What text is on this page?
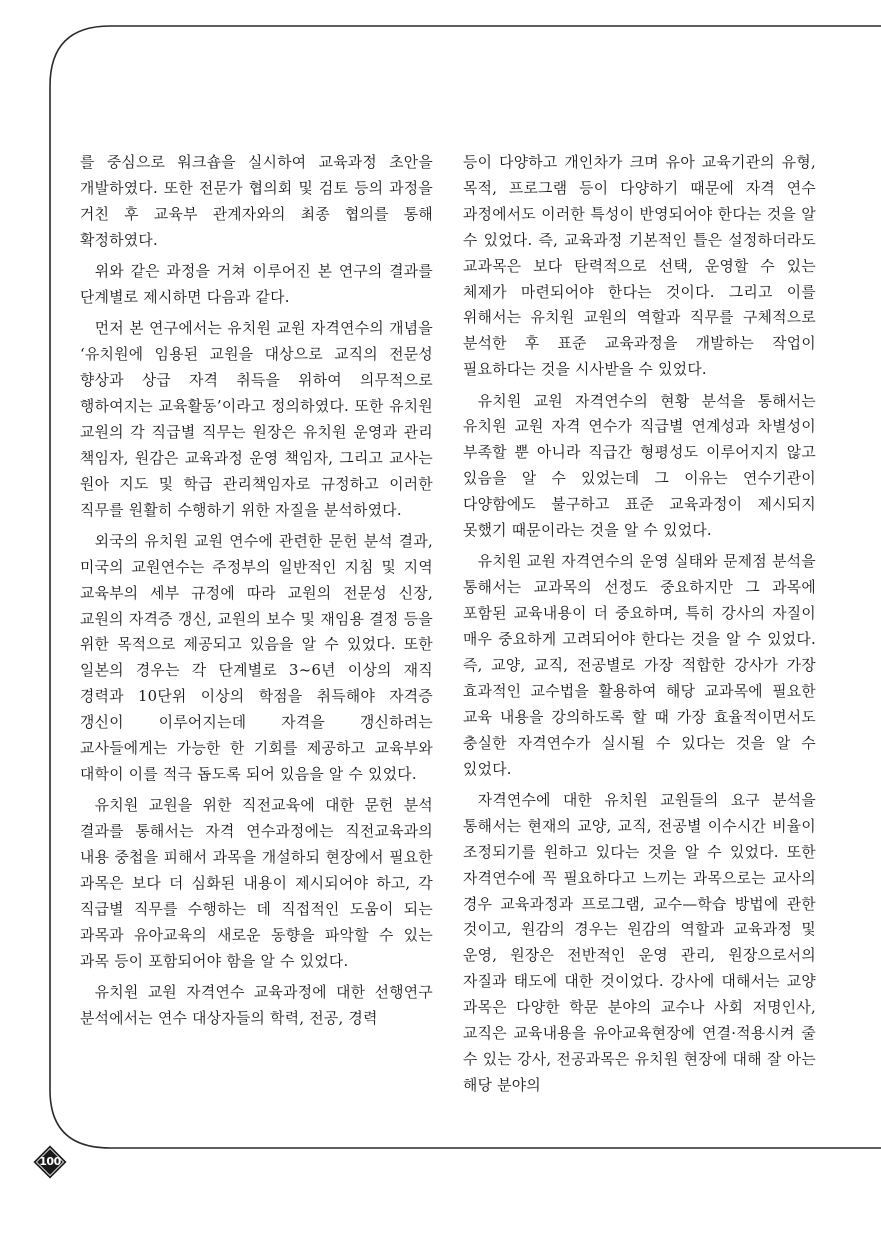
를 중심으로 워크숍을 실시하여 교육과정 초안을 개발하였다. 또한 전문가 협의회 및 검토 등의 과정을 거친 후 교육부 관계자와의 최종 협의를 통해 확정하였다.

위와 같은 과정을 거쳐 이루어진 본 연구의 결과를 단계별로 제시하면 다음과 같다.

먼저 본 연구에서는 유치원 교원 자격연수의 개념을 ‘유치원에 임용된 교원을 대상으로 교직의 전문성 향상과 상급 자격 취득을 위하여 의무적으로 행하여지는 교육활동’이라고 정의하였다. 또한 유치원 교원의 각 직급별 직무는 원장은 유치원 운영과 관리 책임자, 원감은 교육과정 운영 책임자, 그리고 교사는 원아 지도 및 학급 관리책임자로 규정하고 이러한 직무를 원활히 수행하기 위한 자질을 분석하였다.

외국의 유치원 교원 연수에 관련한 문헌 분석 결과, 미국의 교원연수는 주정부의 일반적인 지침 및 지역 교육부의 세부 규정에 따라 교원의 전문성 신장, 교원의 자격증 갱신, 교원의 보수 및 재임용 결정 등을 위한 목적으로 제공되고 있음을 알 수 있었다. 또한 일본의 경우는 각 단계별로 3~6년 이상의 재직 경력과 10단위 이상의 학점을 취득해야 자격증 갱신이 이루어지는데 자격을 갱신하려는 교사들에게는 가능한 한 기회를 제공하고 교육부와 대학이 이를 적극 돕도록 되어 있음을 알 수 있었다.

유치원 교원을 위한 직전교육에 대한 문헌 분석 결과를 통해서는 자격 연수과정에는 직전교육과의 내용 중첩을 피해서 과목을 개설하되 현장에서 필요한 과목은 보다 더 심화된 내용이 제시되어야 하고, 각 직급별 직무를 수행하는 데 직접적인 도움이 되는 과목과 유아교육의 새로운 동향을 파악할 수 있는 과목 등이 포함되어야 함을 알 수 있었다.

유치원 교원 자격연수 교육과정에 대한 선행연구 분석에서는 연수 대상자들의 학력, 전공, 경력

등이 다양하고 개인차가 크며 유아 교육기관의 유형, 목적, 프로그램 등이 다양하기 때문에 자격 연수 과정에서도 이러한 특성이 반영되어야 한다는 것을 알 수 있었다. 즉, 교육과정 기본적인 틀은 설정하더라도 교과목은 보다 탄력적으로 선택, 운영할 수 있는 체제가 마련되어야 한다는 것이다. 그리고 이를 위해서는 유치원 교원의 역할과 직무를 구체적으로 분석한 후 표준 교육과정을 개발하는 작업이 필요하다는 것을 시사받을 수 있었다.

유치원 교원 자격연수의 현황 분석을 통해서는 유치원 교원 자격 연수가 직급별 연계성과 차별성이 부족할 뿐 아니라 직급간 형평성도 이루어지지 않고 있음을 알 수 있었는데 그 이유는 연수기관이 다양함에도 불구하고 표준 교육과정이 제시되지 못했기 때문이라는 것을 알 수 있었다.

유치원 교원 자격연수의 운영 실태와 문제점 분석을 통해서는 교과목의 선정도 중요하지만 그 과목에 포함된 교육내용이 더 중요하며, 특히 강사의 자질이 매우 중요하게 고려되어야 한다는 것을 알 수 있었다. 즉, 교양, 교직, 전공별로 가장 적합한 강사가 가장 효과적인 교수법을 활용하여 해당 교과목에 필요한 교육 내용을 강의하도록 할 때 가장 효율적이면서도 충실한 자격연수가 실시될 수 있다는 것을 알 수 있었다.

자격연수에 대한 유치원 교원들의 요구 분석을 통해서는 현재의 교양, 교직, 전공별 이수시간 비율이 조정되기를 원하고 있다는 것을 알 수 있었다. 또한 자격연수에 꼭 필요하다고 느끼는 과목으로는 교사의 경우 교육과정과 프로그램, 교수—학습 방법에 관한 것이고, 원감의 경우는 원감의 역할과 교육과정 및 운영, 원장은 전반적인 운영 관리, 원장으로서의 자질과 태도에 대한 것이었다. 강사에 대해서는 교양 과목은 다양한 학문 분야의 교수나 사회 저명인사, 교직은 교육내용을 유아교육현장에 연결·적용시켜 줄 수 있는 강사, 전공과목은 유치원 현장에 대해 잘 아는 해당 분야의

100
